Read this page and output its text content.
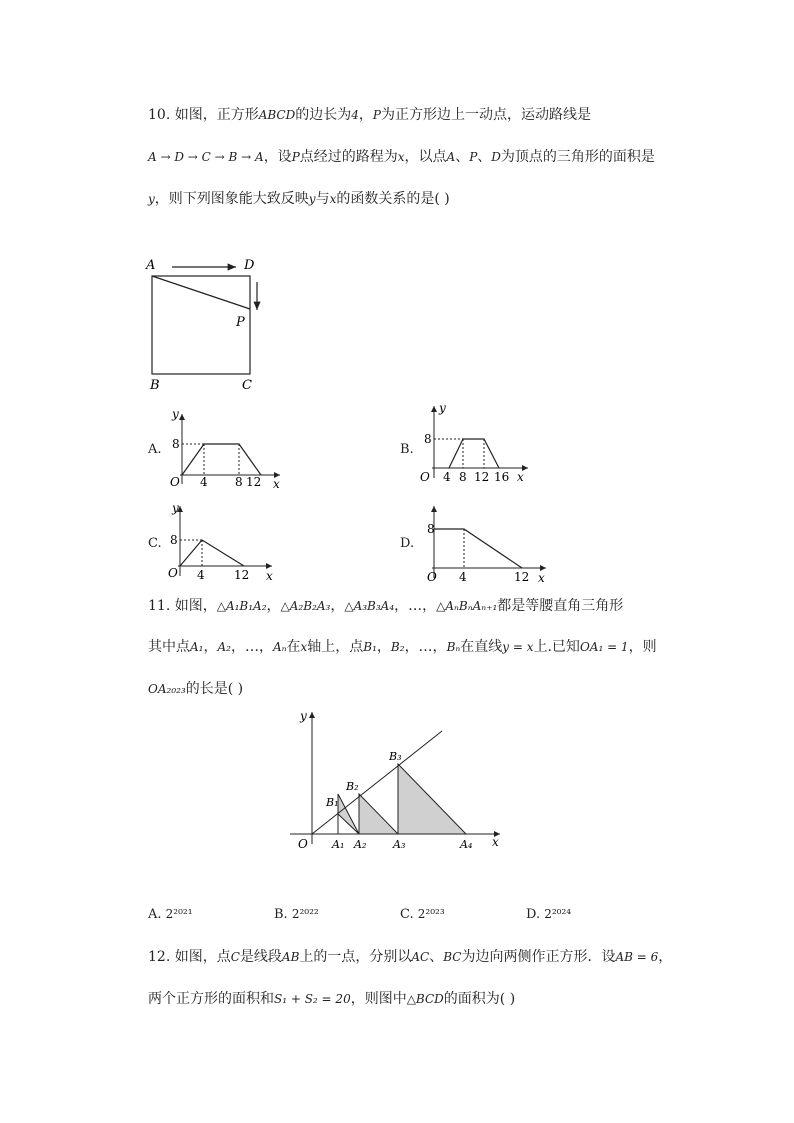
10. 如图，正方形ABCD的边长为4，P为正方形边上一动点，运动路线是
A → D → C → B → A，设P点经过的路程为x，以点A、P、D为顶点的三角形的面积是
y，则下列图象能大致反映y与x的函数关系的是( )
A	D
P
B	C
A. 8
4 8 12
O	x
y
B.
8
4 8 12 16
O	x
y
C. 8
4 12
O	x
y
D.
8
4	12
O	x
11. 如图，△A₁B₁A₂，△A₂B₂A₃，△A₃B₃A₄，…，△AₙBₙAₙ₊₁都是等腰直角三角形
其中点A₁，A₂，…，Aₙ在x轴上，点B₁，B₂，…，Bₙ在直线y = x上.已知OA₁ = 1，则
OA₂₀₂₃的长是( )
y
x
O A₁ A₂ A₃	A₄
B₁
B₂
B₃
A. 2²⁰²¹	B. 2²⁰²²	C. 2²⁰²³	D. 2²⁰²⁴
12. 如图，点C是线段AB上的一点，分别以AC、BC为边向两侧作正方形．设AB = 6，
两个正方形的面积和S₁ + S₂ = 20，则图中△BCD的面积为( )
